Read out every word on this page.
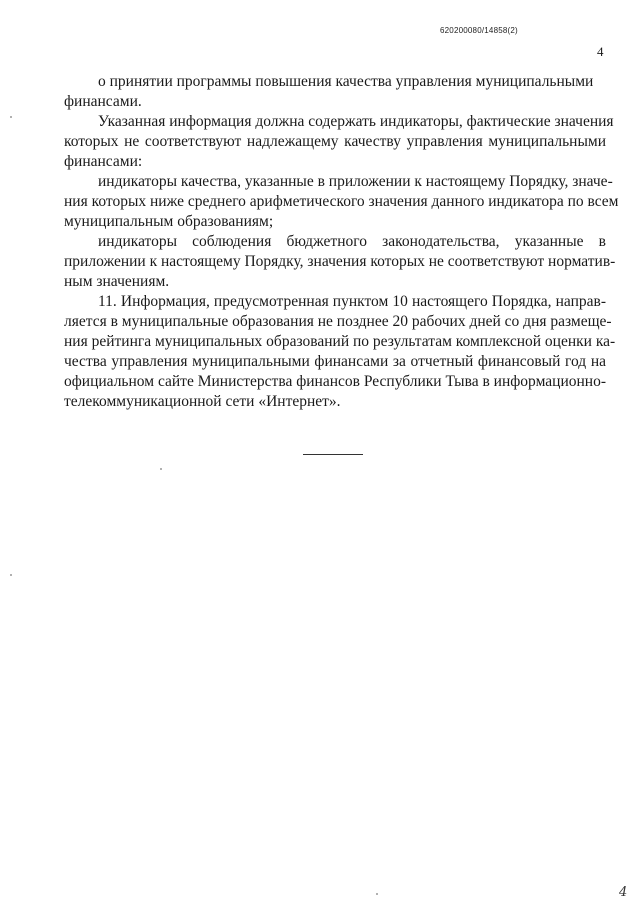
620200080/14858(2)
4
о принятии программы повышения качества управления муниципальными
финансами.
Указанная информация должна содержать индикаторы, фактические значения
которых не соответствуют надлежащему качеству управления муниципальными
финансами:
индикаторы качества, указанные в приложении к настоящему Порядку, значе-
ния которых ниже среднего арифметического значения данного индикатора по всем
муниципальным образованиям;
индикаторы соблюдения бюджетного законодательства, указанные в
приложении к настоящему Порядку, значения которых не соответствуют норматив-
ным значениям.
11. Информация, предусмотренная пунктом 10 настоящего Порядка, направ-
ляется в муниципальные образования не позднее 20 рабочих дней со дня размеще-
ния рейтинга муниципальных образований по результатам комплексной оценки ка-
чества управления муниципальными финансами за отчетный финансовый год на
официальном сайте Министерства финансов Республики Тыва в информационно-
телекоммуникационной сети «Интернет».
4
